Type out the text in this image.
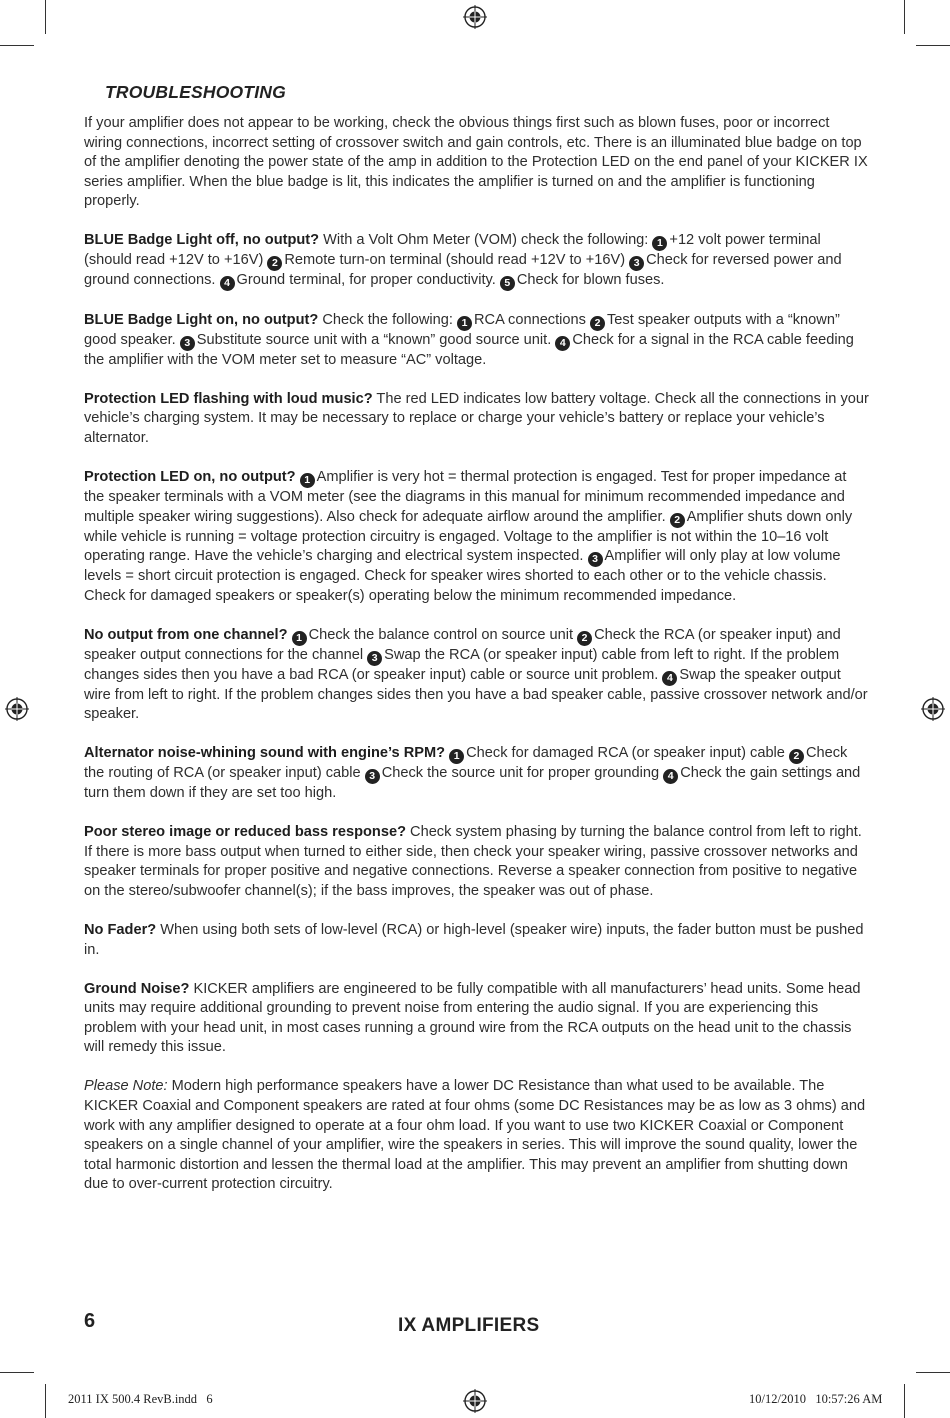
TROUBLESHOOTING

If your amplifier does not appear to be working, check the obvious things first such as blown fuses, poor or incorrect wiring connections, incorrect setting of crossover switch and gain controls, etc. There is an illuminated blue badge on top of the amplifier denoting the power state of the amp in addition to the Protection LED on the end panel of your KICKER IX series amplifier. When the blue badge is lit, this indicates the amplifier is turned on and the amplifier is functioning properly.

BLUE Badge Light off, no output? With a Volt Ohm Meter (VOM) check the following: 1 +12 volt power terminal (should read +12V to +16V) 2 Remote turn-on terminal (should read +12V to +16V) 3 Check for reversed power and ground connections. 4 Ground terminal, for proper conductivity. 5 Check for blown fuses.

BLUE Badge Light on, no output? Check the following: 1 RCA connections 2 Test speaker outputs with a “known” good speaker. 3 Substitute source unit with a “known” good source unit. 4 Check for a signal in the RCA cable feeding the amplifier with the VOM meter set to measure “AC” voltage.

Protection LED flashing with loud music? The red LED indicates low battery voltage. Check all the connections in your vehicle’s charging system. It may be necessary to replace or charge your vehicle’s battery or replace your vehicle’s alternator.

Protection LED on, no output? 1 Amplifier is very hot = thermal protection is engaged. Test for proper impedance at the speaker terminals with a VOM meter (see the diagrams in this manual for minimum recommended impedance and multiple speaker wiring suggestions). Also check for adequate airflow around the amplifier. 2 Amplifier shuts down only while vehicle is running = voltage protection circuitry is engaged. Voltage to the amplifier is not within the 10–16 volt operating range. Have the vehicle’s charging and electrical system inspected. 3 Amplifier will only play at low volume levels = short circuit protection is engaged. Check for speaker wires shorted to each other or to the vehicle chassis. Check for damaged speakers or speaker(s) operating below the minimum recommended impedance.

No output from one channel? 1 Check the balance control on source unit 2 Check the RCA (or speaker input) and speaker output connections for the channel 3 Swap the RCA (or speaker input) cable from left to right. If the problem changes sides then you have a bad RCA (or speaker input) cable or source unit problem. 4 Swap the speaker output wire from left to right. If the problem changes sides then you have a bad speaker cable, passive crossover network and/or speaker.

Alternator noise-whining sound with engine’s RPM? 1 Check for damaged RCA (or speaker input) cable 2 Check the routing of RCA (or speaker input) cable 3 Check the source unit for proper grounding 4 Check the gain settings and turn them down if they are set too high.

Poor stereo image or reduced bass response? Check system phasing by turning the balance control from left to right. If there is more bass output when turned to either side, then check your speaker wiring, passive crossover networks and speaker terminals for proper positive and negative connections. Reverse a speaker connection from positive to negative on the stereo/subwoofer channel(s); if the bass improves, the speaker was out of phase.

No Fader? When using both sets of low-level (RCA) or high-level (speaker wire) inputs, the fader button must be pushed in.

Ground Noise? KICKER amplifiers are engineered to be fully compatible with all manufacturers’ head units. Some head units may require additional grounding to prevent noise from entering the audio signal. If you are experiencing this problem with your head unit, in most cases running a ground wire from the RCA outputs on the head unit to the chassis will remedy this issue.

Please Note: Modern high performance speakers have a lower DC Resistance than what used to be available. The KICKER Coaxial and Component speakers are rated at four ohms (some DC Resistances may be as low as 3 ohms) and work with any amplifier designed to operate at a four ohm load. If you want to use two KICKER Coaxial or Component speakers on a single channel of your amplifier, wire the speakers in series. This will improve the sound quality, lower the total harmonic distortion and lessen the thermal load at the amplifier. This may prevent an amplifier from shutting down due to over-current protection circuitry.

6	IX AMPLIFIERS
2011 IX 500.4 RevB.indd   6	10/12/2010   10:57:26 AM
